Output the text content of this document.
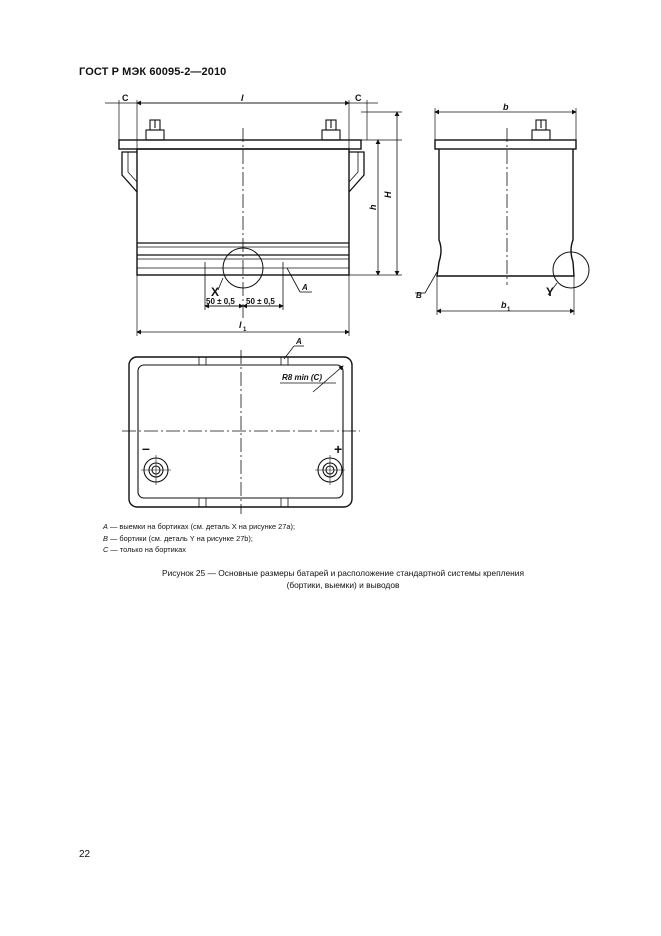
ГОСТ Р МЭК 60095-2—2010
C	l	C
h
H
X
50 ± 0,5 50 ± 0,5
A
l 1
b
B	Y
b 1
A
R8 min (C)
–	+
A — выемки на бортиках (см. деталь X на рисунке 27a);
B — бортики (см. деталь Y на рисунке 27b);
C — только на бортиках
Рисунок 25 — Основные размеры батарей и расположение стандартной системы крепления
(бортики, выемки) и выводов
22
